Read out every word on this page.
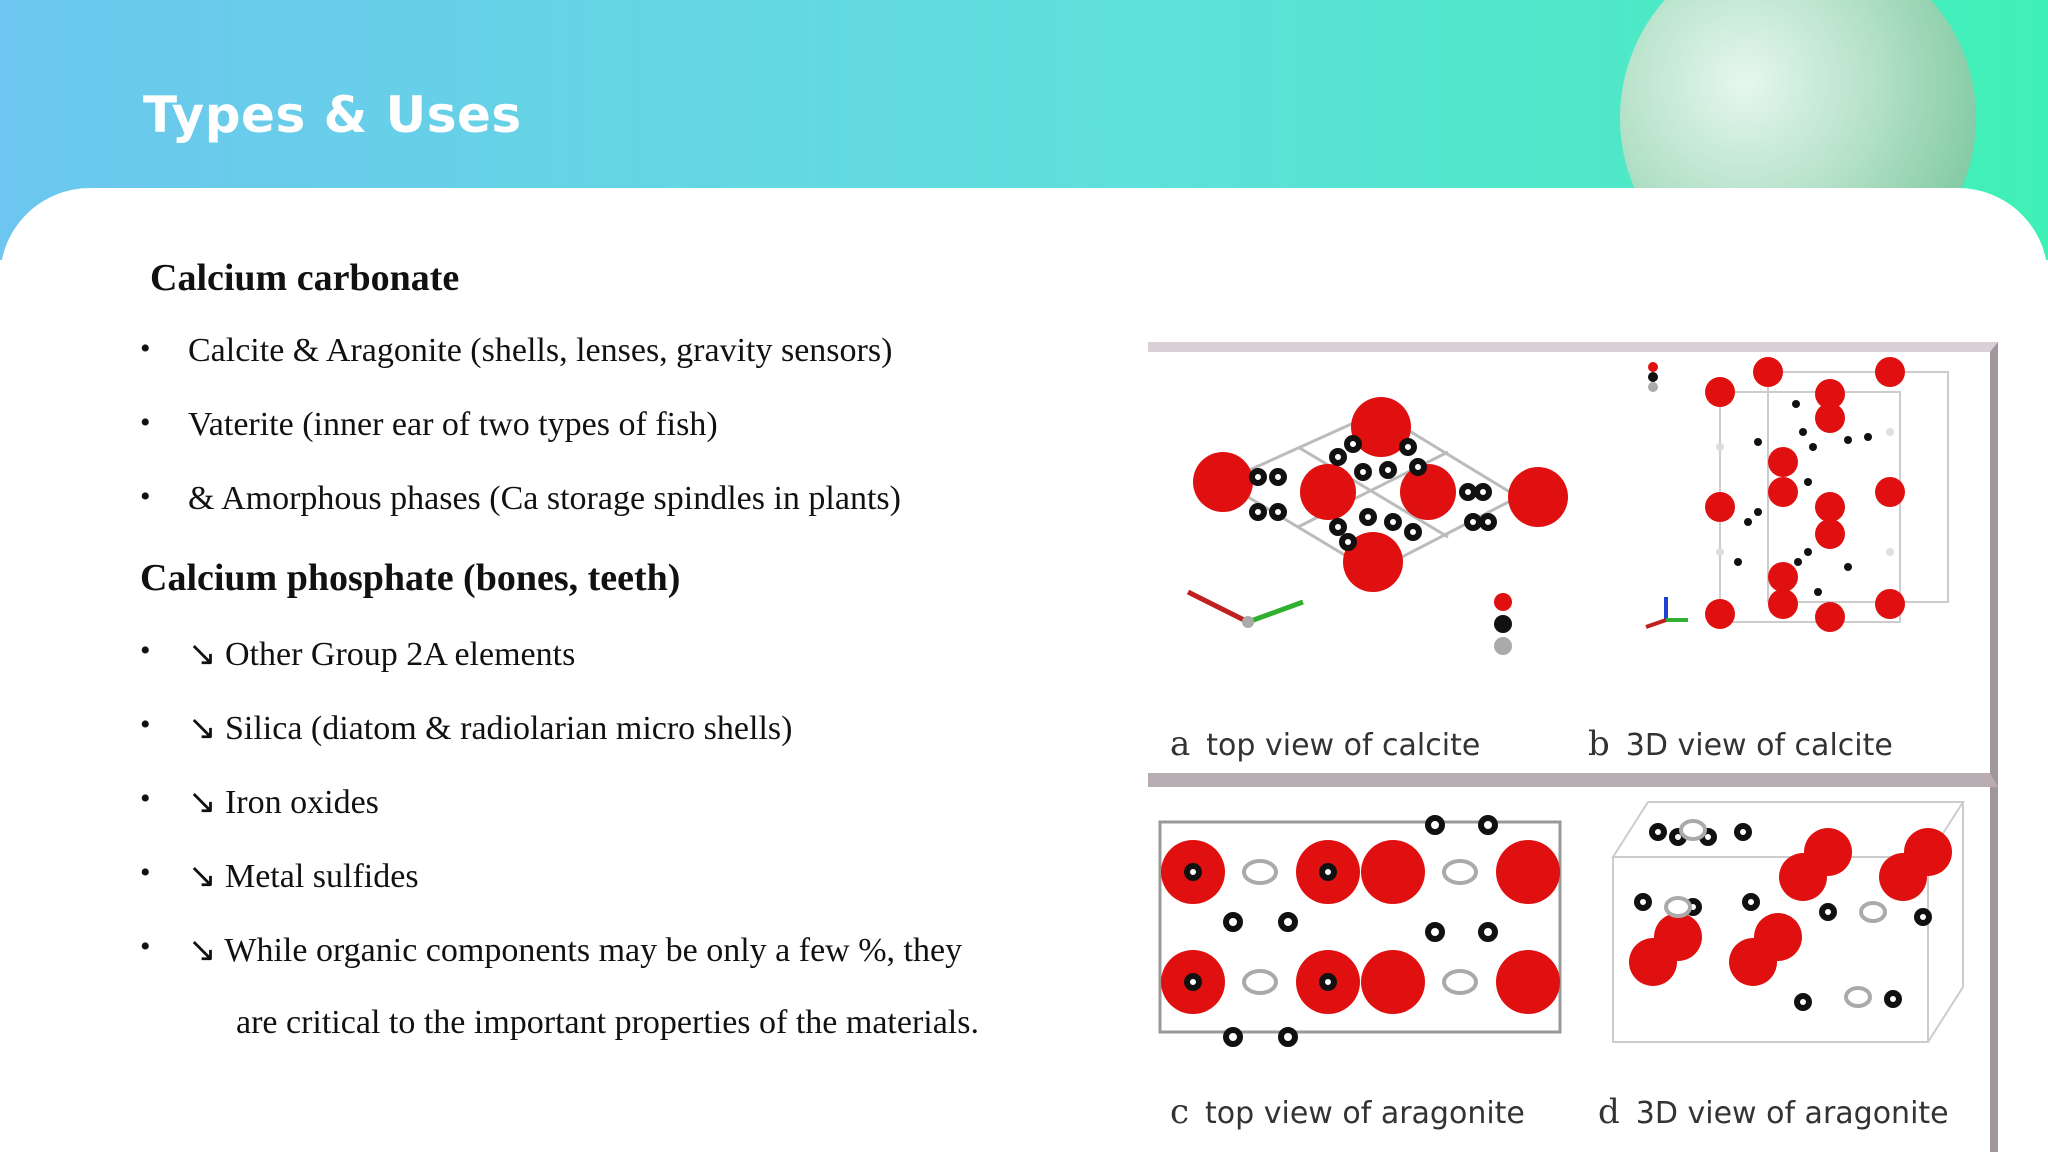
Types & Uses
Calcium carbonate
• Calcite & Aragonite (shells, lenses, gravity sensors)
• Vaterite (inner ear of two types of fish)
• & Amorphous phases (Ca storage spindles in plants)
Calcium phosphate (bones, teeth)
• ↘ Other Group 2A elements
• ↘ Silica (diatom & radiolarian micro shells)
• ↘ Iron oxides
• ↘ Metal sulfides
• ↘ While organic components may be only a few %, they
are critical to the important properties of the materials.
a top view of calcite	b 3D view of calcite
c top view of aragonite d 3D view of aragonite
